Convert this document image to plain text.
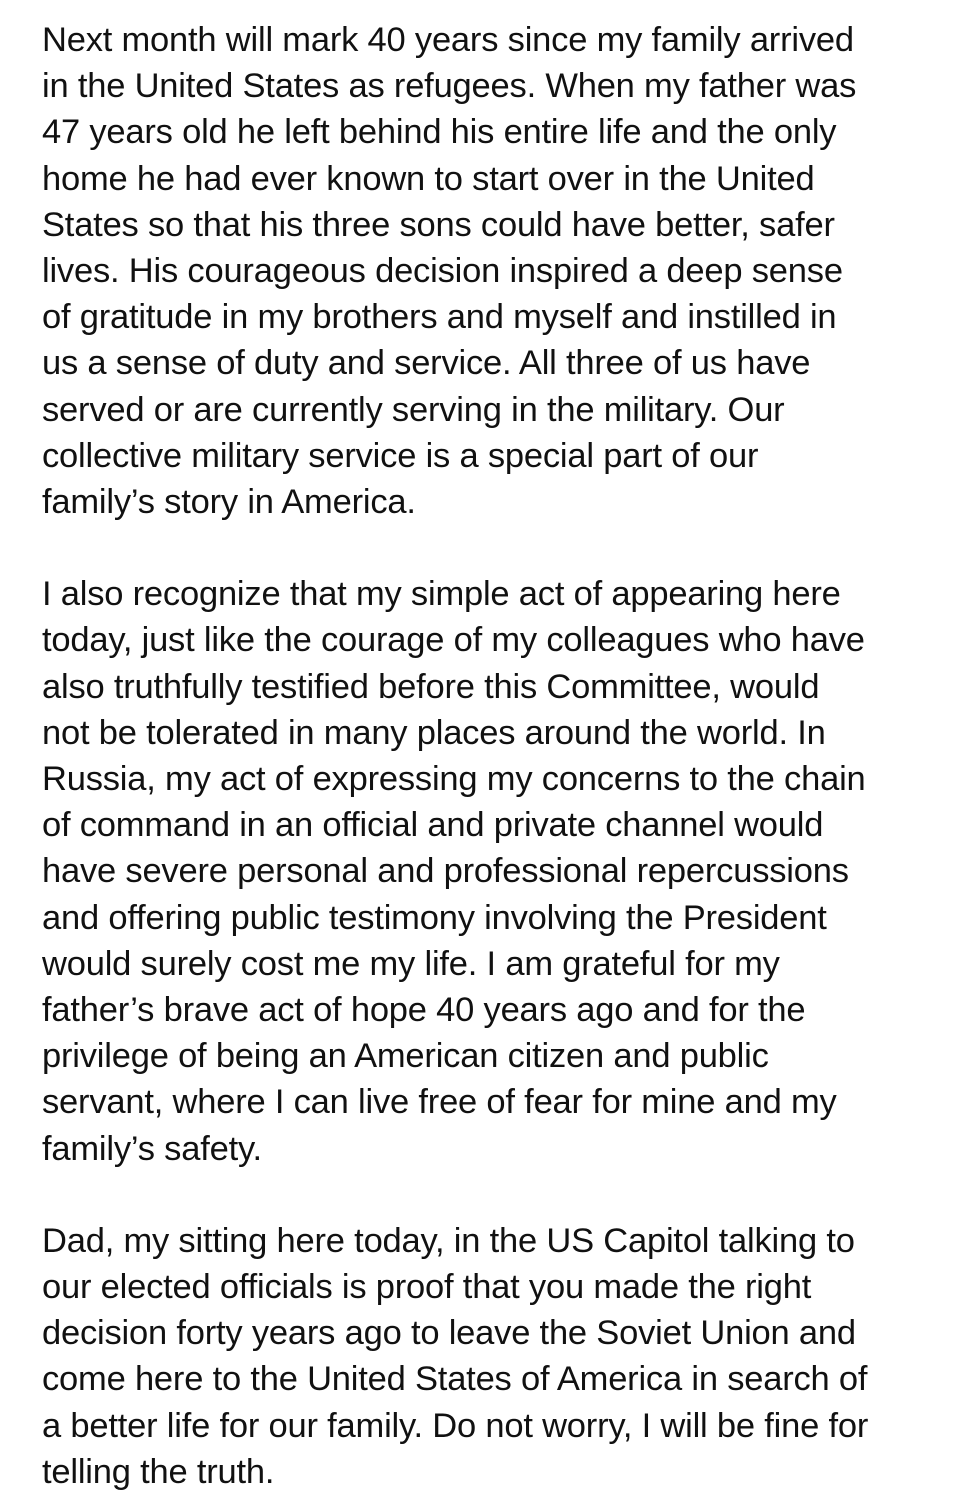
Next month will mark 40 years since my family arrived
in the United States as refugees. When my father was
47 years old he left behind his entire life and the only
home he had ever known to start over in the United
States so that his three sons could have better, safer
lives. His courageous decision inspired a deep sense
of gratitude in my brothers and myself and instilled in
us a sense of duty and service. All three of us have
served or are currently serving in the military. Our
collective military service is a special part of our
family’s story in America.
I also recognize that my simple act of appearing here
today, just like the courage of my colleagues who have
also truthfully testified before this Committee, would
not be tolerated in many places around the world. In
Russia, my act of expressing my concerns to the chain
of command in an official and private channel would
have severe personal and professional repercussions
and offering public testimony involving the President
would surely cost me my life. I am grateful for my
father’s brave act of hope 40 years ago and for the
privilege of being an American citizen and public
servant, where I can live free of fear for mine and my
family’s safety.
Dad, my sitting here today, in the US Capitol talking to
our elected officials is proof that you made the right
decision forty years ago to leave the Soviet Union and
come here to the United States of America in search of
a better life for our family. Do not worry, I will be fine for
telling the truth.
